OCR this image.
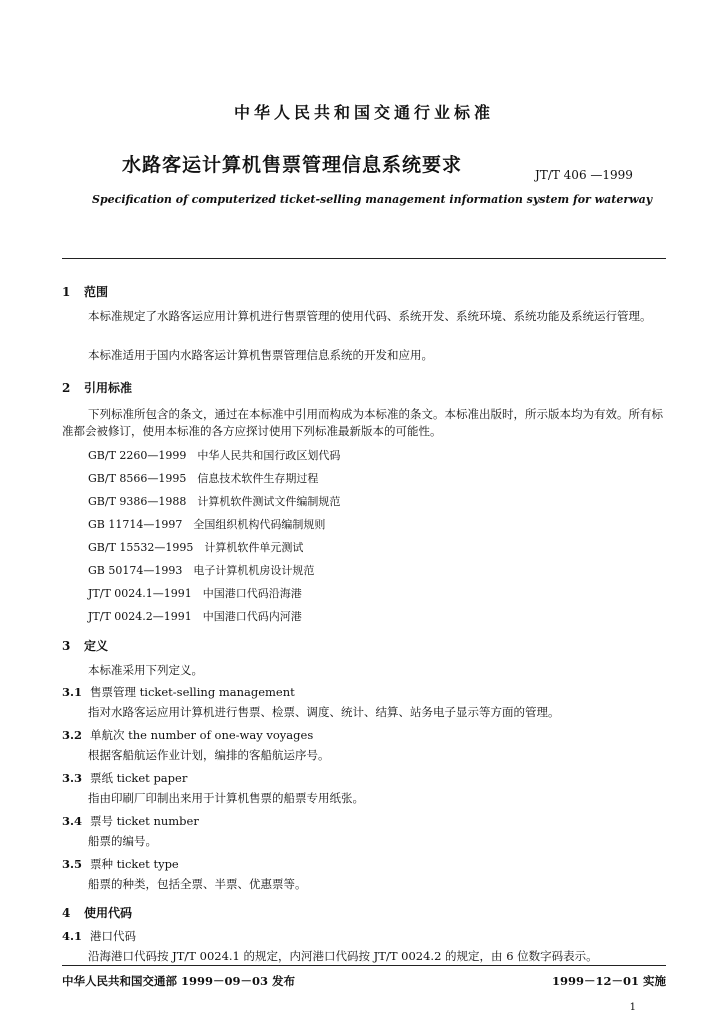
中华人民共和国交通行业标准
水路客运计算机售票管理信息系统要求	JT/T 406 —1999
Specification of computerized ticket-selling management information system for waterway
1 范围
本标准规定了水路客运应用计算机进行售票管理的使用代码、系统开发、系统环境、系统功能及系统运行管理。
本标准适用于国内水路客运计算机售票管理信息系统的开发和应用。
2 引用标准
下列标准所包含的条文，通过在本标准中引用而构成为本标准的条文。本标准出版时，所示版本均为有效。所有标准都会被修订，使用本标准的各方应探讨使用下列标准最新版本的可能性。
GB/T 2260—1999　中华人民共和国行政区划代码
GB/T 8566—1995　信息技术软件生存期过程
GB/T 9386—1988　计算机软件测试文件编制规范
GB 11714—1997　全国组织机构代码编制规则
GB/T 15532—1995　计算机软件单元测试
GB 50174—1993　电子计算机机房设计规范
JT/T 0024.1—1991　中国港口代码沿海港
JT/T 0024.2—1991　中国港口代码内河港
3 定义
本标准采用下列定义。
3.1 售票管理 ticket-selling management
指对水路客运应用计算机进行售票、检票、调度、统计、结算、站务电子显示等方面的管理。
3.2 单航次 the number of one-way voyages
根据客船航运作业计划，编排的客船航运序号。
3.3 票纸 ticket paper
指由印刷厂印制出来用于计算机售票的船票专用纸张。
3.4 票号 ticket number
船票的编号。
3.5 票种 ticket type
船票的种类，包括全票、半票、优惠票等。
4 使用代码
4.1 港口代码
沿海港口代码按 JT/T 0024.1 的规定，内河港口代码按 JT/T 0024.2 的规定，由 6 位数字码表示。
中华人民共和国交通部 1999－09－03 发布	1999－12－01 实施
1
